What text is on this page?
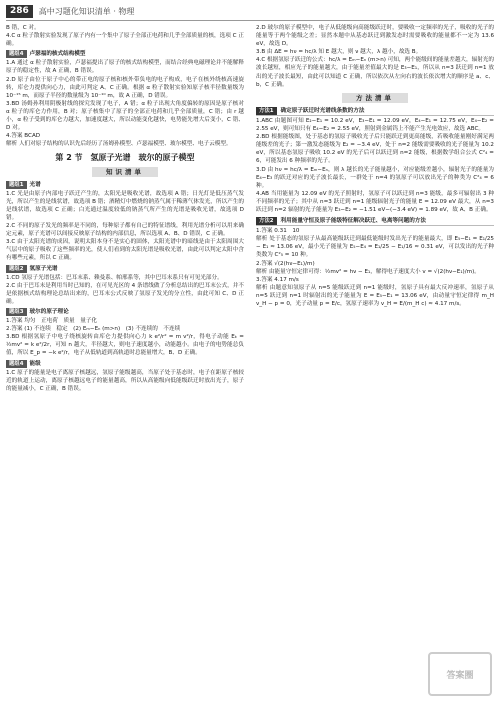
286	高中习题化知识清单 · 物理

B 错，C 对。

4.C α 粒子散射实验发现了原子内有一个集中了原子全部正电荷和几乎全部质量的核，选项 C 正确。

题组4 卢瑟福的核式结构模型

1.A 通过 α 粒子散射实验，卢瑟福提出了原子的核式结构模型，而结合经典电磁理论并不能解释原子的稳定性，故 A 正确，B 错误。

2.D 原子由位于原子中心的带正电的原子核和核外带负电的电子构成，电子在核外绕核高速旋转，库仑力提供向心力，由此可判定 A、C 正确。根据 α 粒子散射实验知原子核半径数量级为 10⁻¹⁵ m，而原子半径的数量级为 10⁻¹⁰ m，故 A 正确，D 错误。

3.BD 汤姆孙利用阴极射线的探究发现了电子，A 错；α 粒子出现大角度偏转的原因是原子核对 α 粒子的库仑力作用，B 对；原子核集中了原子的全部正电荷和几乎全部质量，C 错；由 r 越小，α 粒子受到的库仑力越大，加速度越大，所以动能变化越快，电势能先增大后变小，C 错、D 对。

4.答案 BCAD

解析 人们对原子结构的认识先后经历了汤姆孙模型、卢瑟福模型、玻尔模型、电子云模型。

第 2 节　氢原子光谱　玻尔的原子模型
知识清单
题组1 光谱

1.C 光是由原子内部电子跃迁产生的，太阳光是吸收光谱，故选项 A 错；日光灯是低压蒸气发光，所以产生的是线状谱，故选项 B 错；酒精灯中燃烧的钠蒸气属于稀薄气体发光，所以产生的是线状谱，故选项 C 正确；白光通过温度较低的钠蒸气所产生的光谱是吸收光谱，故选项 D 错。

2.C 不同的原子发光的频率是不同的，每种原子都有自己的特征谱线，利用光谱分析可以用来确定元素，原子光谱可以间接反映原子结构的内部信息，所以选项 A、B、D 错误，C 正确。

3.C 由于太阳光谱的成因，说明太阳本身不是实心的固体，太阳光谱中的暗线是由于太阳周围大气层中的原子吸收了这些频率的光，使人们看到的太阳光谱是吸收光谱，由此可以判定太阳中含有哪些元素，所以 C 正确。

题组2 氢原子光谱

1.CD 氢原子光谱包括：巴耳末系、赖曼系、帕邢系等，其中巴耳末系只有可见光部分。

2.C 由于巴耳末是利用当时已知的，在可见光区的 4 条谱线做了分析总结出的巴耳末公式，并不是依据核式结构理论总结出来的，巴耳末公式反映了氢原子发光的分立性，由此可知 C、D 正确。

题组3 玻尔的原子理论

1.答案 均匀　正电荷　质量　量子化

2.答案 (1) 不连续　稳定　(2) Eₘ−Eₙ (m>n)　(3) 不连续的　不连续

3.BD 根据氢原子中电子绕核旋转由库仑力提供向心力 k e²/r² = m v²/r，得电子动能 Eₖ = ½mv² = k e²/2r，可知 n 越大，半径越大，则电子速度越小，动能越小。由电子的电势能总负值，所以 E_p = −k e²/r，电子从低轨道到高轨道时总能量增大，B、D 正确。

题组4 能级

1.C 原子的能量是电子离原子核越远，氢原子能级越高，当原子处于基态时，电子在距原子核较近的轨道上运动，离原子核越远电子的能量越高，所以从高能级向低能级跃迁时放出光子，原子的能量减小，C 正确，B 错误。

2.D 玻尔的原子模型中，电子从低能级向高能级跃迁时，要吸收一定频率的光子，吸收的光子的能量等于两个能级之差；显然本题中从基态跃迁到激发态时需要吸收的能量都不一定为 13.6 eV，故选 D。

3.B 由 ΔE = hν = hc/λ 知 E 越大，则 ν 越大，λ 越小，故选 B。

4.C 根据氢原子跃迁的公式：hc/λ = Eₘ−Eₙ (m>n) 可知，两个能级间的能量差越大，辐射光的波长越短，相应光子的能量越大，由于能量差值最大的是 E₃−E₁，所以从 n=3 跃迁到 n=1 放出的光子波长最短，由此可以知道 C 正确，所以依次从左向右的波长依次增大的顺序是 a、c、b，C 正确。

方法清单
方法1 确定原子跃迁时光谱线条数的方法

1.ABC 由题图可知 E₂−E₁ = 10.2 eV，E₃−E₁ = 12.09 eV，E₄−E₁ = 12.75 eV，E₄−E₂ = 2.55 eV，则可知只有 E₄−E₂ = 2.55 eV，照射到金属钨上不能产生光电效应，故选 ABC。

2.BD 根据能级图，处于基态的氢原子吸收光子后只能跃迁到更高能级，若吸收能量刚好满足两能级差的光子；第一激发态能级为 E₂ = −3.4 eV，处于 n=2 能级需要吸收的光子能量为 10.2 eV，所以基态氢原子吸收 10.2 eV 的光子后可以跃迁到 n=2 能级，根据数学组合公式 C²₄ = 6，可能发出 6 种频率的光子。

3.D 由 hν = hc/λ = Eₘ−Eₙ，则 λ 越长的光子能量越小，对应能级差越小，辐射光子的能量为 E₄−E₃ 的跃迁对应的光子波长最长，一群处于 n=4 的氢原子可以放出光子的种类为 C²₄ = 6 种。

4.AB 当用能量为 12.09 eV 的光子照射时，氢原子可以跃迁到 n=3 能级，最多可辐射出 3 种不同频率的光子；其中从 n=3 跃迁到 n=1 能级辐射光子的能量 E = 12.09 eV 最大，从 n=3 跃迁到 n=2 辐射的光子能量为 E₃−E₂ = −1.51 eV−(−3.4 eV) = 1.89 eV，故 A、B 正确。

方法2 利用能量守恒及原子能级特征解决跃迁、电离等问题的方法

1.答案 0.31　10

解析 处于基态的氢原子从最高能级跃迁到最低能级时发出光子的能量最大，即 E₅−E₁ = E₁/25 − E₁ ≈ 13.06 eV，最小光子能量为 E₅−E₄ = E₁/25 − E₁/16 ≈ 0.31 eV，可以发出的光子种类数为 C²₅ = 10 种。

2.答案 √(2(hν−E₁)/m)

解析 由能量守恒定律可得：½mv² = hν − E₁，解得电子速度大小 v = √(2(hν−E₁)/m)。

3.答案 4.17 m/s

解析 由题意知氢原子从 n=5 能级跃迁到 n=1 能级时，氢原子具有最大反冲速率，氢原子从 n=5 跃迁到 n=1 时辐射出的光子能量为 E = E₅−E₁ = 13.06 eV，由动量守恒定律得 m_H v_H − p = 0，光子动量 p = E/c，氢原子速率为 v_H = E/(m_H c) ≈ 4.17 m/s。

答案圈
